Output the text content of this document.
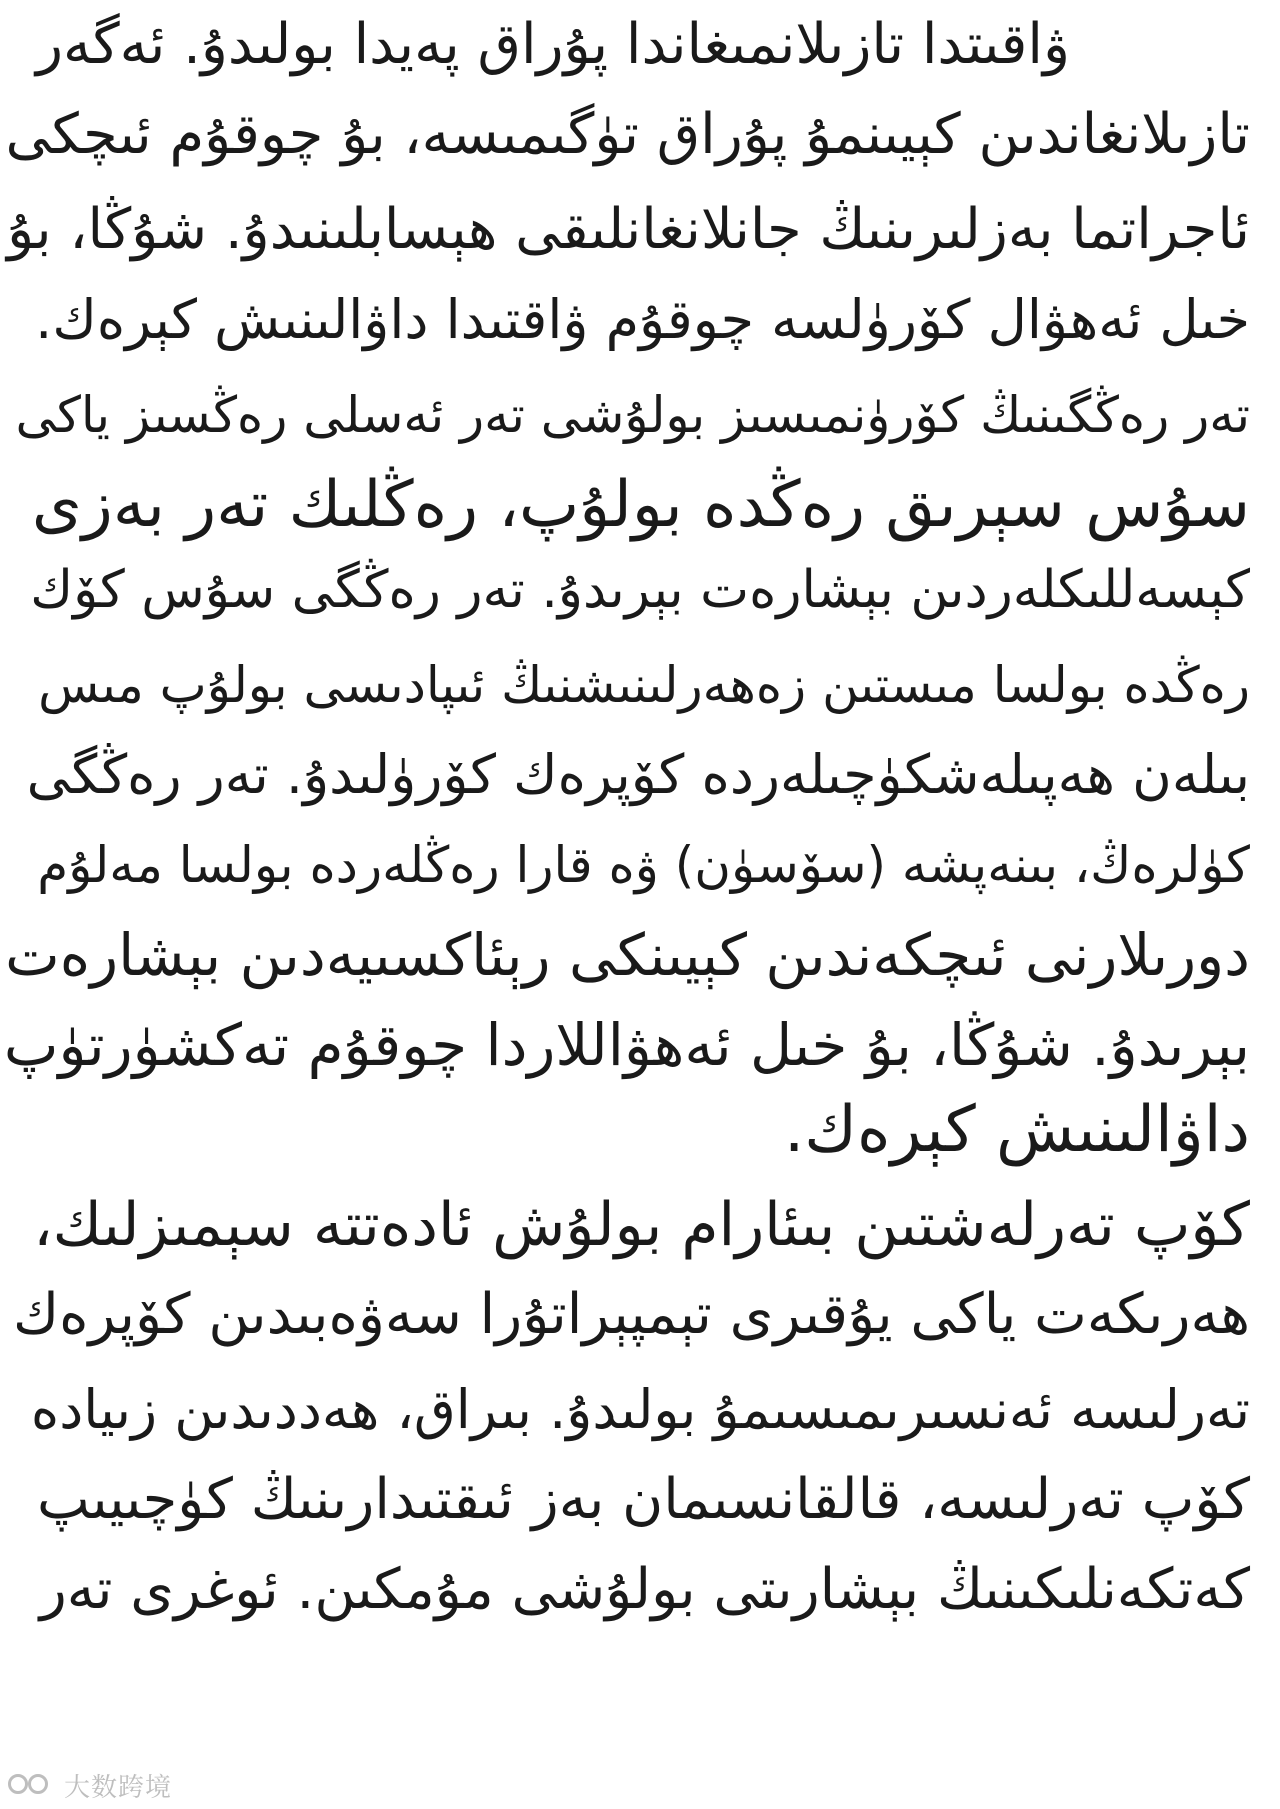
ۋاقىتدا تازىلانمىغاندا پۇراق پەيدا بولىدۇ. ئەگەر
تازىلانغاندىن كېيىنمۇ پۇراق تۈگىمىسە، بۇ چوقۇم ئىچكى
ئاجراتما بەزلىرىنىڭ جانلانغانلىقى ھېسابلىنىدۇ. شۇڭا، بۇ
خىل ئەھۋال كۆرۈلسە چوقۇم ۋاقتىدا داۋالىنىش كېرەك.
تەر رەڭگىنىڭ كۆرۈنمىسىز بولۇشى تەر ئەسلى رەڭسىز ياكى
سۇس سېرىق رەڭدە بولۇپ، رەڭلىك تەر بەزى
كېسەللىكلەردىن بېشارەت بېرىدۇ. تەر رەڭگى سۇس كۆك
رەڭدە بولسا مىستىن زەھەرلىنىشنىڭ ئىپادىسى بولۇپ مىس
بىلەن ھەپىلەشكۈچىلەردە كۆپرەك كۆرۈلىدۇ. تەر رەڭگى
كۈلرەڭ، بىنەپشە (سۆسۈن) ۋە قارا رەڭلەردە بولسا مەلۇم
دورىلارنى ئىچكەندىن كېيىنكى رېئاكسىيەدىن بېشارەت
بېرىدۇ. شۇڭا، بۇ خىل ئەھۋاللاردا چوقۇم تەكشۈرتۈپ
داۋالىنىش كېرەك.
كۆپ تەرلەشتىن بىئارام بولۇش ئادەتتە سېمىزلىك،
ھەرىكەت ياكى يۇقىرى تېمپېراتۇرا سەۋەبىدىن كۆپرەك
تەرلىسە ئەنسىرىمىسىمۇ بولىدۇ. بىراق، ھەددىدىن زىيادە
كۆپ تەرلىسە، قالقانسىمان بەز ئىقتىدارىنىڭ كۈچىيىپ
كەتكەنلىكىنىڭ بېشارىتى بولۇشى مۇمكىن. ئوغرى تەر
大数跨境
